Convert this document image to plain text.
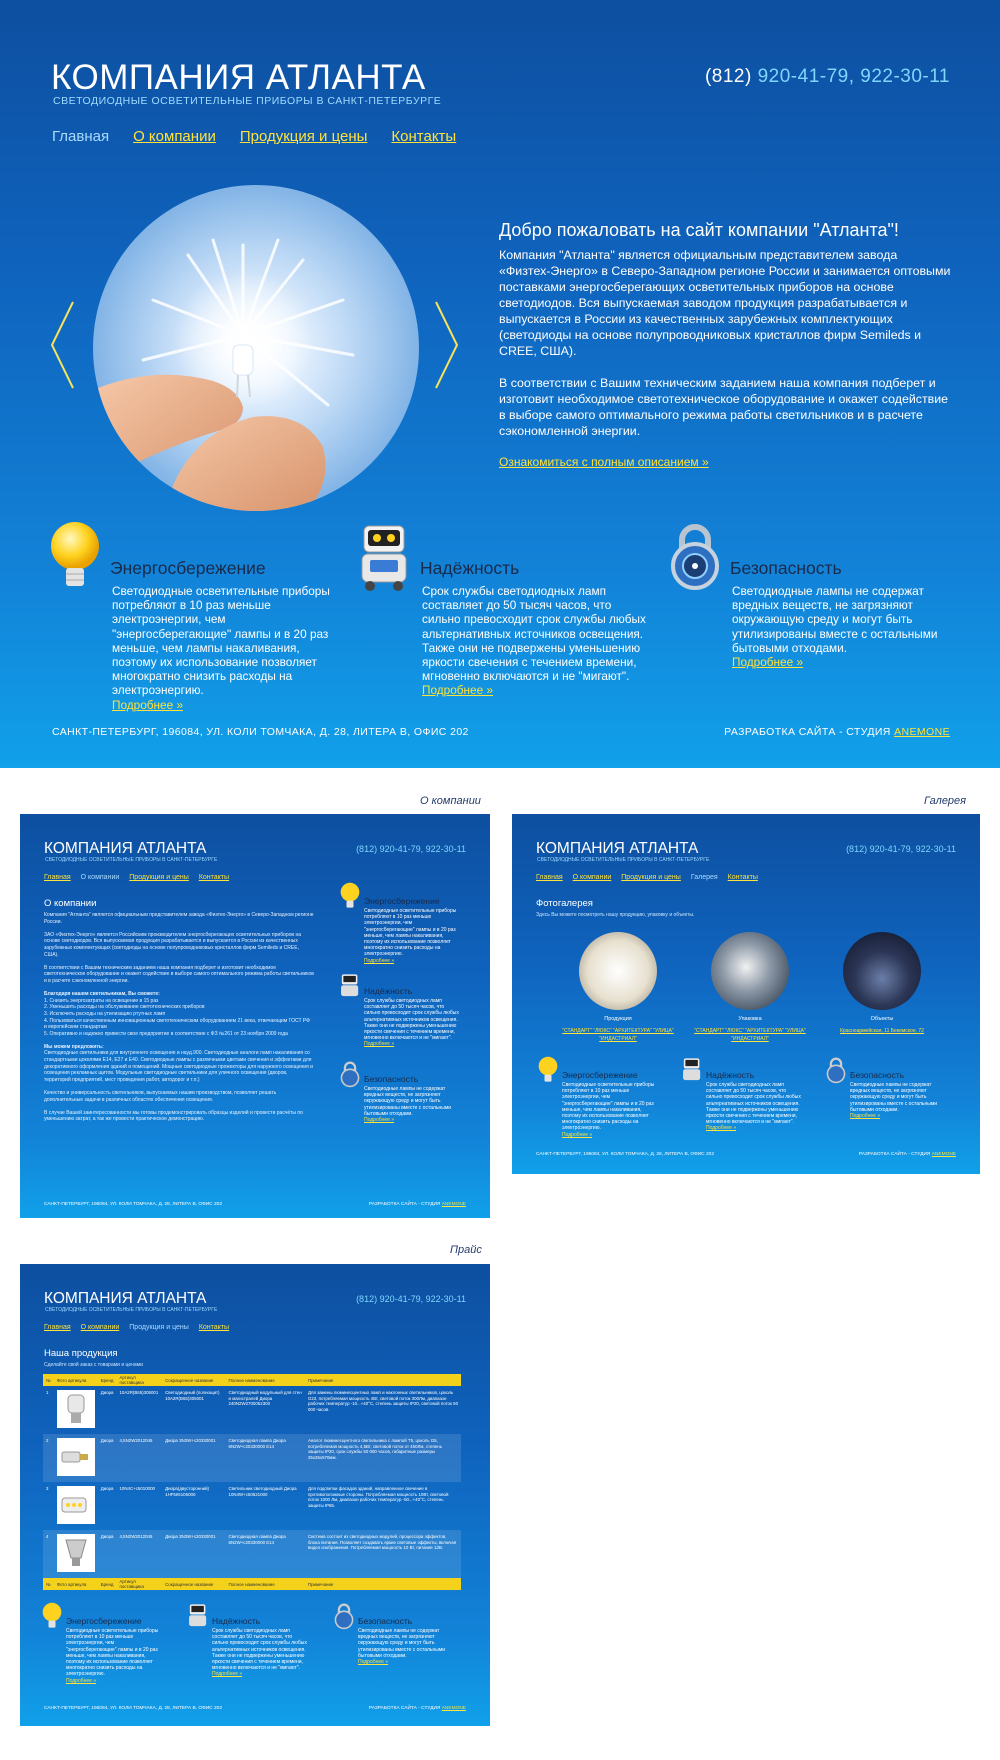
КОМПАНИЯ АТЛАНТА
СВЕТОДИОДНЫЕ ОСВЕТИТЕЛЬНЫЕ ПРИБОРЫ В САНКТ-ПЕТЕРБУРГЕ
(812) 920-41-79, 922-30-11
Главная О компании Продукция и цены Контакты
Добро пожаловать на сайт компании "Атланта"!

Компания "Атланта" является официальным представителем завода «Физтех-Энерго» в Северо-Западном регионе России и занимается оптовыми поставками энергосберегающих осветительных приборов на основе светодиодов. Вся выпускаемая заводом продукция разрабатывается и выпускается в России из качественных зарубежных комплектующих (светодиоды на основе полупроводниковых кристаллов фирм Semileds и CREE, США).

В соответствии с Вашим техническим заданием наша компания подберет и изготовит необходимое светотехническое оборудование и окажет содействие в выборе самого оптимального режима работы светильников и в расчете сэкономленной энергии.

Ознакомиться с полным описанием »
Энергосбережение

Светодиодные осветительные приборы потребляют в 10 раз меньше электроэнергии, чем "энергосберегающие" лампы и в 20 раз меньше, чем лампы накаливания, поэтому их использование позволяет многократно снизить расходы на электроэнергию.
Подробнее »

Надёжность

Срок службы светодиодных ламп составляет до 50 тысяч часов, что сильно превосходит срок службы любых альтернативных источников освещения. Также они не подвержены уменьшению яркости свечения с течением времени, мгновенно включаются и не "мигают".
Подробнее »

Безопасность

Светодиодные лампы не содержат вредных веществ, не загрязняют окружающую среду и могут быть утилизированы вместе с остальными бытовыми отходами.
Подробнее »

САНКТ-ПЕТЕРБУРГ, 196084, УЛ. КОЛИ ТОМЧАКА, Д. 28, ЛИТЕРА В, ОФИС 202	РАЗРАБОТКА САЙТА - СТУДИЯ ANEMONE
О компании
КОМПАНИЯ АТЛАНТА
СВЕТОДИОДНЫЕ ОСВЕТИТЕЛЬНЫЕ ПРИБОРЫ В САНКТ-ПЕТЕРБУРГЕ
(812) 920-41-79, 922-30-11
Главная О компании Продукция и цены Контакты
О компании
Компания "Атланта" является официальным представителем завода «Физтех-Энерго» в Северо-Западном регионе России.

ЗАО «Физтех-Энерго» является Российским производителем энергосберегающих осветительных приборов на основе светодиодов. Вся выпускаемая продукция разрабатывается и выпускается в России из качественных зарубежных комплектующих (светодиоды на основе полупроводниковых кристаллов фирм Semileds и CREE, США).

В соответствии с Вашим техническим заданием наша компания подберет и изготовит необходимое светотехническое оборудование и окажет содействие в выборе самого оптимального режима работы светильников и в расчете сэкономленной энергии.

Благодаря нашим светильникам, Вы сможете:
1. Снизить энергозатраты на освещение в 15 раз
2. Уменьшить расходы на обслуживание светотехнических приборов
3. Исключить расходы на утилизацию ртутных ламп
4. Пользоваться качественным инновационным светотехническим оборудованием 21 века, отвечающим ГОСТ РФ и европейским стандартам
5. Оперативно и надежно привести свое предприятие в соответствие с ФЗ №261 от 23 ноября 2009 года

Мы можем предложить:
Светодиодные светильники для внутреннего освещения и науд.900. Светодиодные аналоги ламп накаливания со стандартными цоколями E14, E27 и E40. Светодиодные лампы с различными цветами свечения и эффектами для декоративного оформления зданий и помещений. Мощные светодиодные прожекторы для наружного освещения и освещения рекламных щитов. Модульные светодиодные светильники для уличного освещения (дворов, территорий предприятий, мест проведения работ, автодорог и т.п.)

Качество и универсальность светильников, выпускаемых нашим производством, позволяет решать дополнительные задачи в различных областях обеспечения освещения.

В случае Вашей заинтересованности мы готовы продемонстрировать образцы изделий и провести расчёты по уменьшению затрат, а так же провести практическое демонстрацию.
Энергосбережение

Светодиодные осветительные приборы потребляют в 10 раз меньше электроэнергии, чем "энергосберегающие" лампы и в 20 раз меньше, чем лампы накаливания, поэтому их использование позволяет многократно снизить расходы на электроэнергию.
Подробнее »

Надёжность

Срок службы светодиодных ламп составляет до 50 тысяч часов, что сильно превосходит срок службы любых альтернативных источников освещения. Также они не подвержены уменьшению яркости свечения с течением времени, мгновенно включаются и не "мигают".
Подробнее »

Безопасность

Светодиодные лампы не содержат вредных веществ, не загрязняют окружающую среду и могут быть утилизированы вместе с остальными бытовыми отходами.
Подробнее »

САНКТ-ПЕТЕРБУРГ, 196084, УЛ. КОЛИ ТОМЧАКА, Д. 28, ЛИТЕРА В, ОФИС 202	РАЗРАБОТКА САЙТА - СТУДИЯ ANEMONE
Галерея
КОМПАНИЯ АТЛАНТА
СВЕТОДИОДНЫЕ ОСВЕТИТЕЛЬНЫЕ ПРИБОРЫ В САНКТ-ПЕТЕРБУРГЕ
(812) 920-41-79, 922-30-11
Главная О компании Продукция и цены Галерея Контакты
Фотогалерея
Здесь Вы можете посмотреть нашу продукцию, упаковку и объекты.
Продукция
"СТАНДАРТ" "ЛЮКС" "АРХИТЕКТУРА" "УЛИЦА" "ИНДАСТРИАЛ"
Упаковка
"СТАНДАРТ" "ЛЮКС" "АРХИТЕКТУРА" "УЛИЦА" "ИНДАСТРИАЛ"
Объекты
Красноармейская, 11 Бекемское, 72
Энергосбережение

Светодиодные осветительные приборы потребляют в 10 раз меньше электроэнергии, чем "энергосберегающие" лампы и в 20 раз меньше, чем лампы накаливания, поэтому их использование позволяет многократно снизить расходы на электроэнергию.
Подробнее »

Надёжность

Срок службы светодиодных ламп составляет до 50 тысяч часов, что сильно превосходит срок службы любых альтернативных источников освещения. Также они не подвержены уменьшению яркости свечения с течением времени, мгновенно включаются и не "мигают".
Подробнее »

Безопасность

Светодиодные лампы не содержат вредных веществ, не загрязняют окружающую среду и могут быть утилизированы вместе с остальными бытовыми отходами.
Подробнее »

САНКТ-ПЕТЕРБУРГ, 196084, УЛ. КОЛИ ТОМЧАКА, Д. 28, ЛИТЕРА В, ОФИС 202	РАЗРАБОТКА САЙТА - СТУДИЯ ANEMONE
Прайс
КОМПАНИЯ АТЛАНТА
СВЕТОДИОДНЫЕ ОСВЕТИТЕЛЬНЫЕ ПРИБОРЫ В САНКТ-ПЕТЕРБУРГЕ
(812) 920-41-79, 922-30-11
Главная О компании Продукция и цены Контакты
Наша продукция
Сделайте свой заказ с товарами и ценами
№	Фото артикула	Бренд	Артикул поставщика	Сокращенное название	Полное наименование	Примечание
1		Диора	10А2R(B65)305001	Светодиодный (полнощит) 10А2R(B65)305001	Светодиодный модульный для стен и магистралей Диора 240N2W2700052300	Для замены люминесцентных ламп и наклонных светильников, цоколь G23, потребляемая мощность 4Вт, световой поток 300Лм, диапазон рабочих температур -10...+40°С, степень защиты IP20, световой поток 50 000 часов.
2		Диора	4,5N2W2012045	Диора 3N2W+с20330001	Светодиодная лампа Диора 6N2W+с20330000 Е14	Аналог люминесцентного светильника с лампой T5, цоколь G5, потребляемая мощность 4,5Вт, световой поток от 450Лм, степень защиты IP20, срок службы 50 000 часов, габаритные размеры 25x36x570мм.
3		Диора	10N4С+с5010000	Диора(двусторонний) 1НF5ё5105000	Светильник светодиодный Диора 10N4W+с50621000	Для подсветки фасадов зданий, направленное свечение в противоположные стороны. Потребляемая мощность 10Вт, световой поток 1000 Лм, диапазон рабочих температур -50...+40°С, степень защиты IP65.
4		Диора	4,5N2W2012045	Диора 3N2W+с20330001	Светодиодная лампа Диора 6N2W+с20330000 Е14	Система состоит из светодиодных модулей, процессора эффектов, блока питания. Позволяет создавать яркие световые эффекты, включая видео изображения. Потребляемая мощность 10 Вт, питание 12В.
№	Фото артикула	Бренд	Артикул поставщика	Сокращенное название	Полное наименование	Примечание
Энергосбережение

Светодиодные осветительные приборы потребляют в 10 раз меньше электроэнергии, чем "энергосберегающие" лампы и в 20 раз меньше, чем лампы накаливания, поэтому их использование позволяет многократно снизить расходы на электроэнергию.
Подробнее »

Надёжность

Срок службы светодиодных ламп составляет до 50 тысяч часов, что сильно превосходит срок службы любых альтернативных источников освещения. Также они не подвержены уменьшению яркости свечения с течением времени, мгновенно включаются и не "мигают".
Подробнее »

Безопасность

Светодиодные лампы не содержат вредных веществ, не загрязняют окружающую среду и могут быть утилизированы вместе с остальными бытовыми отходами.
Подробнее »

САНКТ-ПЕТЕРБУРГ, 196084, УЛ. КОЛИ ТОМЧАКА, Д. 28, ЛИТЕРА В, ОФИС 202	РАЗРАБОТКА САЙТА - СТУДИЯ ANEMONE
